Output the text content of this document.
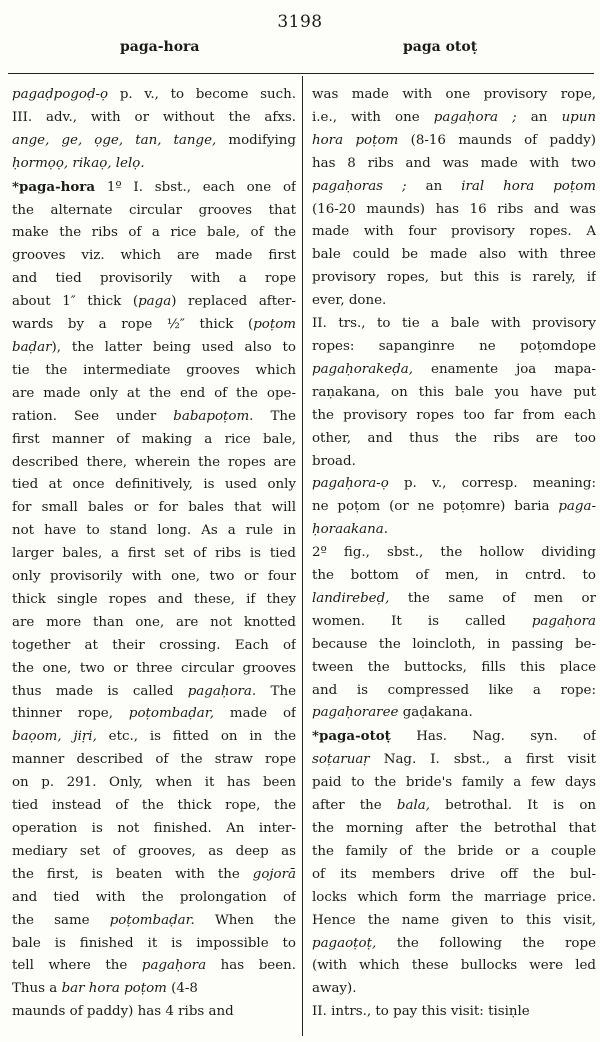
3198
paga-hora	paga otoṭ
pagaḍpogoḍ-ọ p. v., to become such.
III. adv., with or without the afxs.
ange, ge, ọge, tan, tange, modifying
ḥormọọ, rikaọ, lelọ.
*paga-hora 1º I. sbst., each one of
the alternate circular grooves that
make the ribs of a rice bale, of the
grooves viz. which are made first
and tied provisorily with a rope
about 1″ thick (paga) replaced after-
wards by a rope ½″ thick (poṭom
baḍar), the latter being used also to
tie the intermediate grooves which
are made only at the end of the ope-
ration. See under babapoṭom. The
first manner of making a rice bale,
described there, wherein the ropes are
tied at once definitively, is used only
for small bales or for bales that will
not have to stand long. As a rule in
larger bales, a first set of ribs is tied
only provisorily with one, two or four
thick single ropes and these, if they
are more than one, are not knotted
together at their crossing. Each of
the one, two or three circular grooves
thus made is called pagaḥora. The
thinner rope, poṭombaḍar, made of
baọom, jiṛi, etc., is fitted on in the
manner described of the straw rope
on p. 291. Only, when it has been
tied instead of the thick rope, the
operation is not finished. An inter-
mediary set of grooves, as deep as
the first, is beaten with the gojorā
and tied with the prolongation of
the same poṭombaḍar. When the
bale is finished it is impossible to
tell where the pagaḥora has been.
Thus a bar hora poṭom (4-8
maunds of paddy) has 4 ribs and
was made with one provisory rope,
i.e., with one pagaḥora ; an upun
hora poṭom (8-16 maunds of paddy)
has 8 ribs and was made with two
pagaḥoras ; an iral hora poṭom
(16-20 maunds) has 16 ribs and was
made with four provisory ropes. A
bale could be made also with three
provisory ropes, but this is rarely, if
ever, done.
II. trs., to tie a bale with provisory
ropes: sapanginre ne poṭomdope
pagaḥorakeḍa, enamente joa mapa-
raṇakana, on this bale you have put
the provisory ropes too far from each
other, and thus the ribs are too
broad.
pagaḥora-ọ p. v., corresp. meaning:
ne poṭom (or ne poṭomre) baria paga-
ḥoraakana.
2º fig., sbst., the hollow dividing
the bottom of men, in cntrd. to
landirebeḍ, the same of men or
women. It is called pagaḥora
because the loincloth, in passing be-
tween the buttocks, fills this place
and is compressed like a rope:
pagaḥoraree gaḍakana.
*paga-otoṭ Has. Nag. syn. of
soṭaruaṛ Nag. I. sbst., a first visit
paid to the bride's family a few days
after the bala, betrothal. It is on
the morning after the betrothal that
the family of the bride or a couple
of its members drive off the bul-
locks which form the marriage price.
Hence the name given to this visit,
pagaoṭoṭ, the following the rope
(with which these bullocks were led
away).
II. intrs., to pay this visit: tisiṇle
